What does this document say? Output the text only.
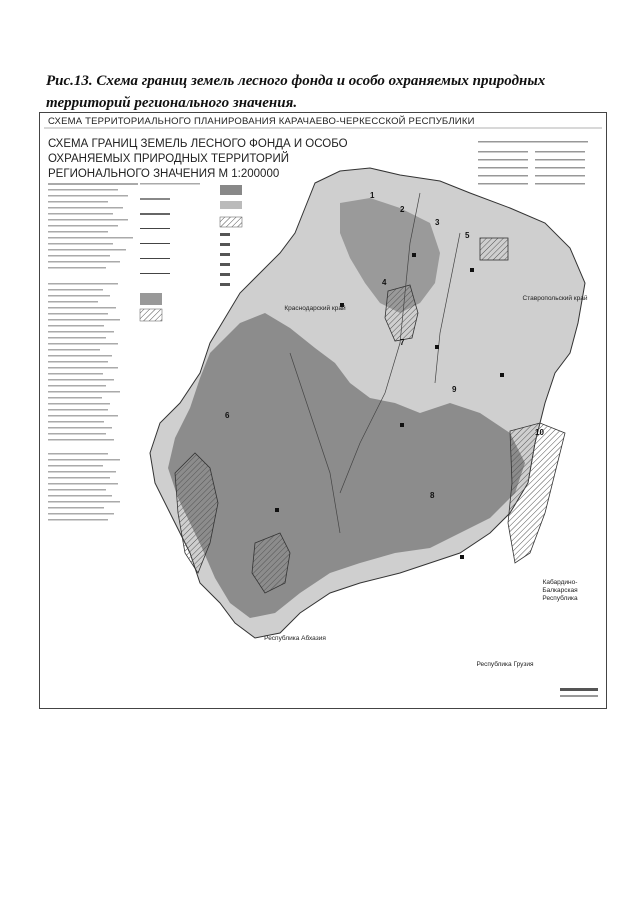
Рис.13. Схема границ земель лесного фонда и особо охраняемых природных территорий регионального значения.
СХЕМА ТЕРРИТОРИАЛЬНОГО ПЛАНИРОВАНИЯ КАРАЧАЕВО-ЧЕРКЕССКОЙ РЕСПУБЛИКИ
СХЕМА ГРАНИЦ ЗЕМЕЛЬ ЛЕСНОГО ФОНДА И ОСОБО ОХРАНЯЕМЫХ ПРИРОДНЫХ ТЕРРИТОРИЙ РЕГИОНАЛЬНОГО ЗНАЧЕНИЯ М 1:200000
Краснодарский край
Ставропольский край
Кабардино-Балкарская Республика
Республика Абхазия
Республика Грузия
1
2
3
4
5
6
7
8
9
10
